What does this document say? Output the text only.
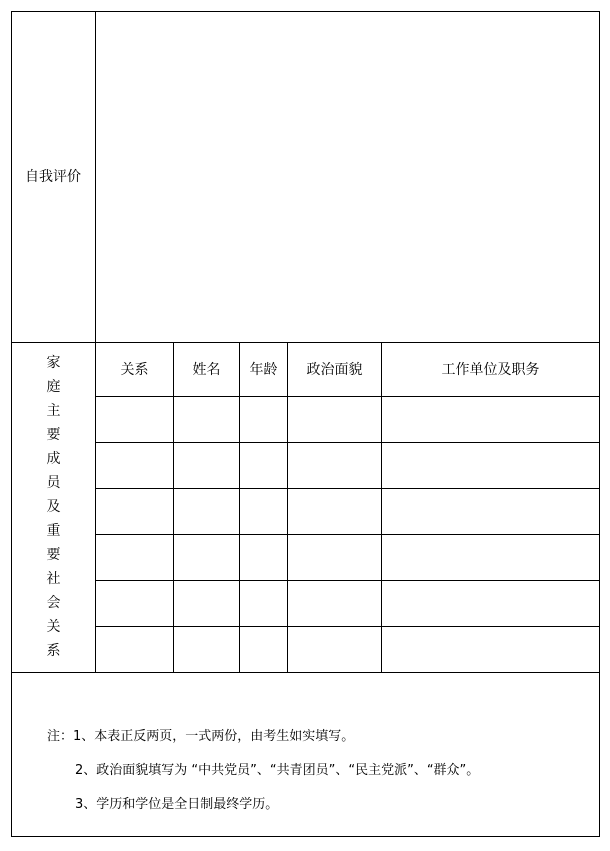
自我评价
家
庭
主
要
成
员
及
重
要
社
会
关
系
关系	姓名	年龄	政治面貌	工作单位及职务
注：1、本表正反两页，一式两份，由考生如实填写。
2、政治面貌填写为 “中共党员”、“共青团员”、“民主党派”、“群众”。
3、学历和学位是全日制最终学历。
